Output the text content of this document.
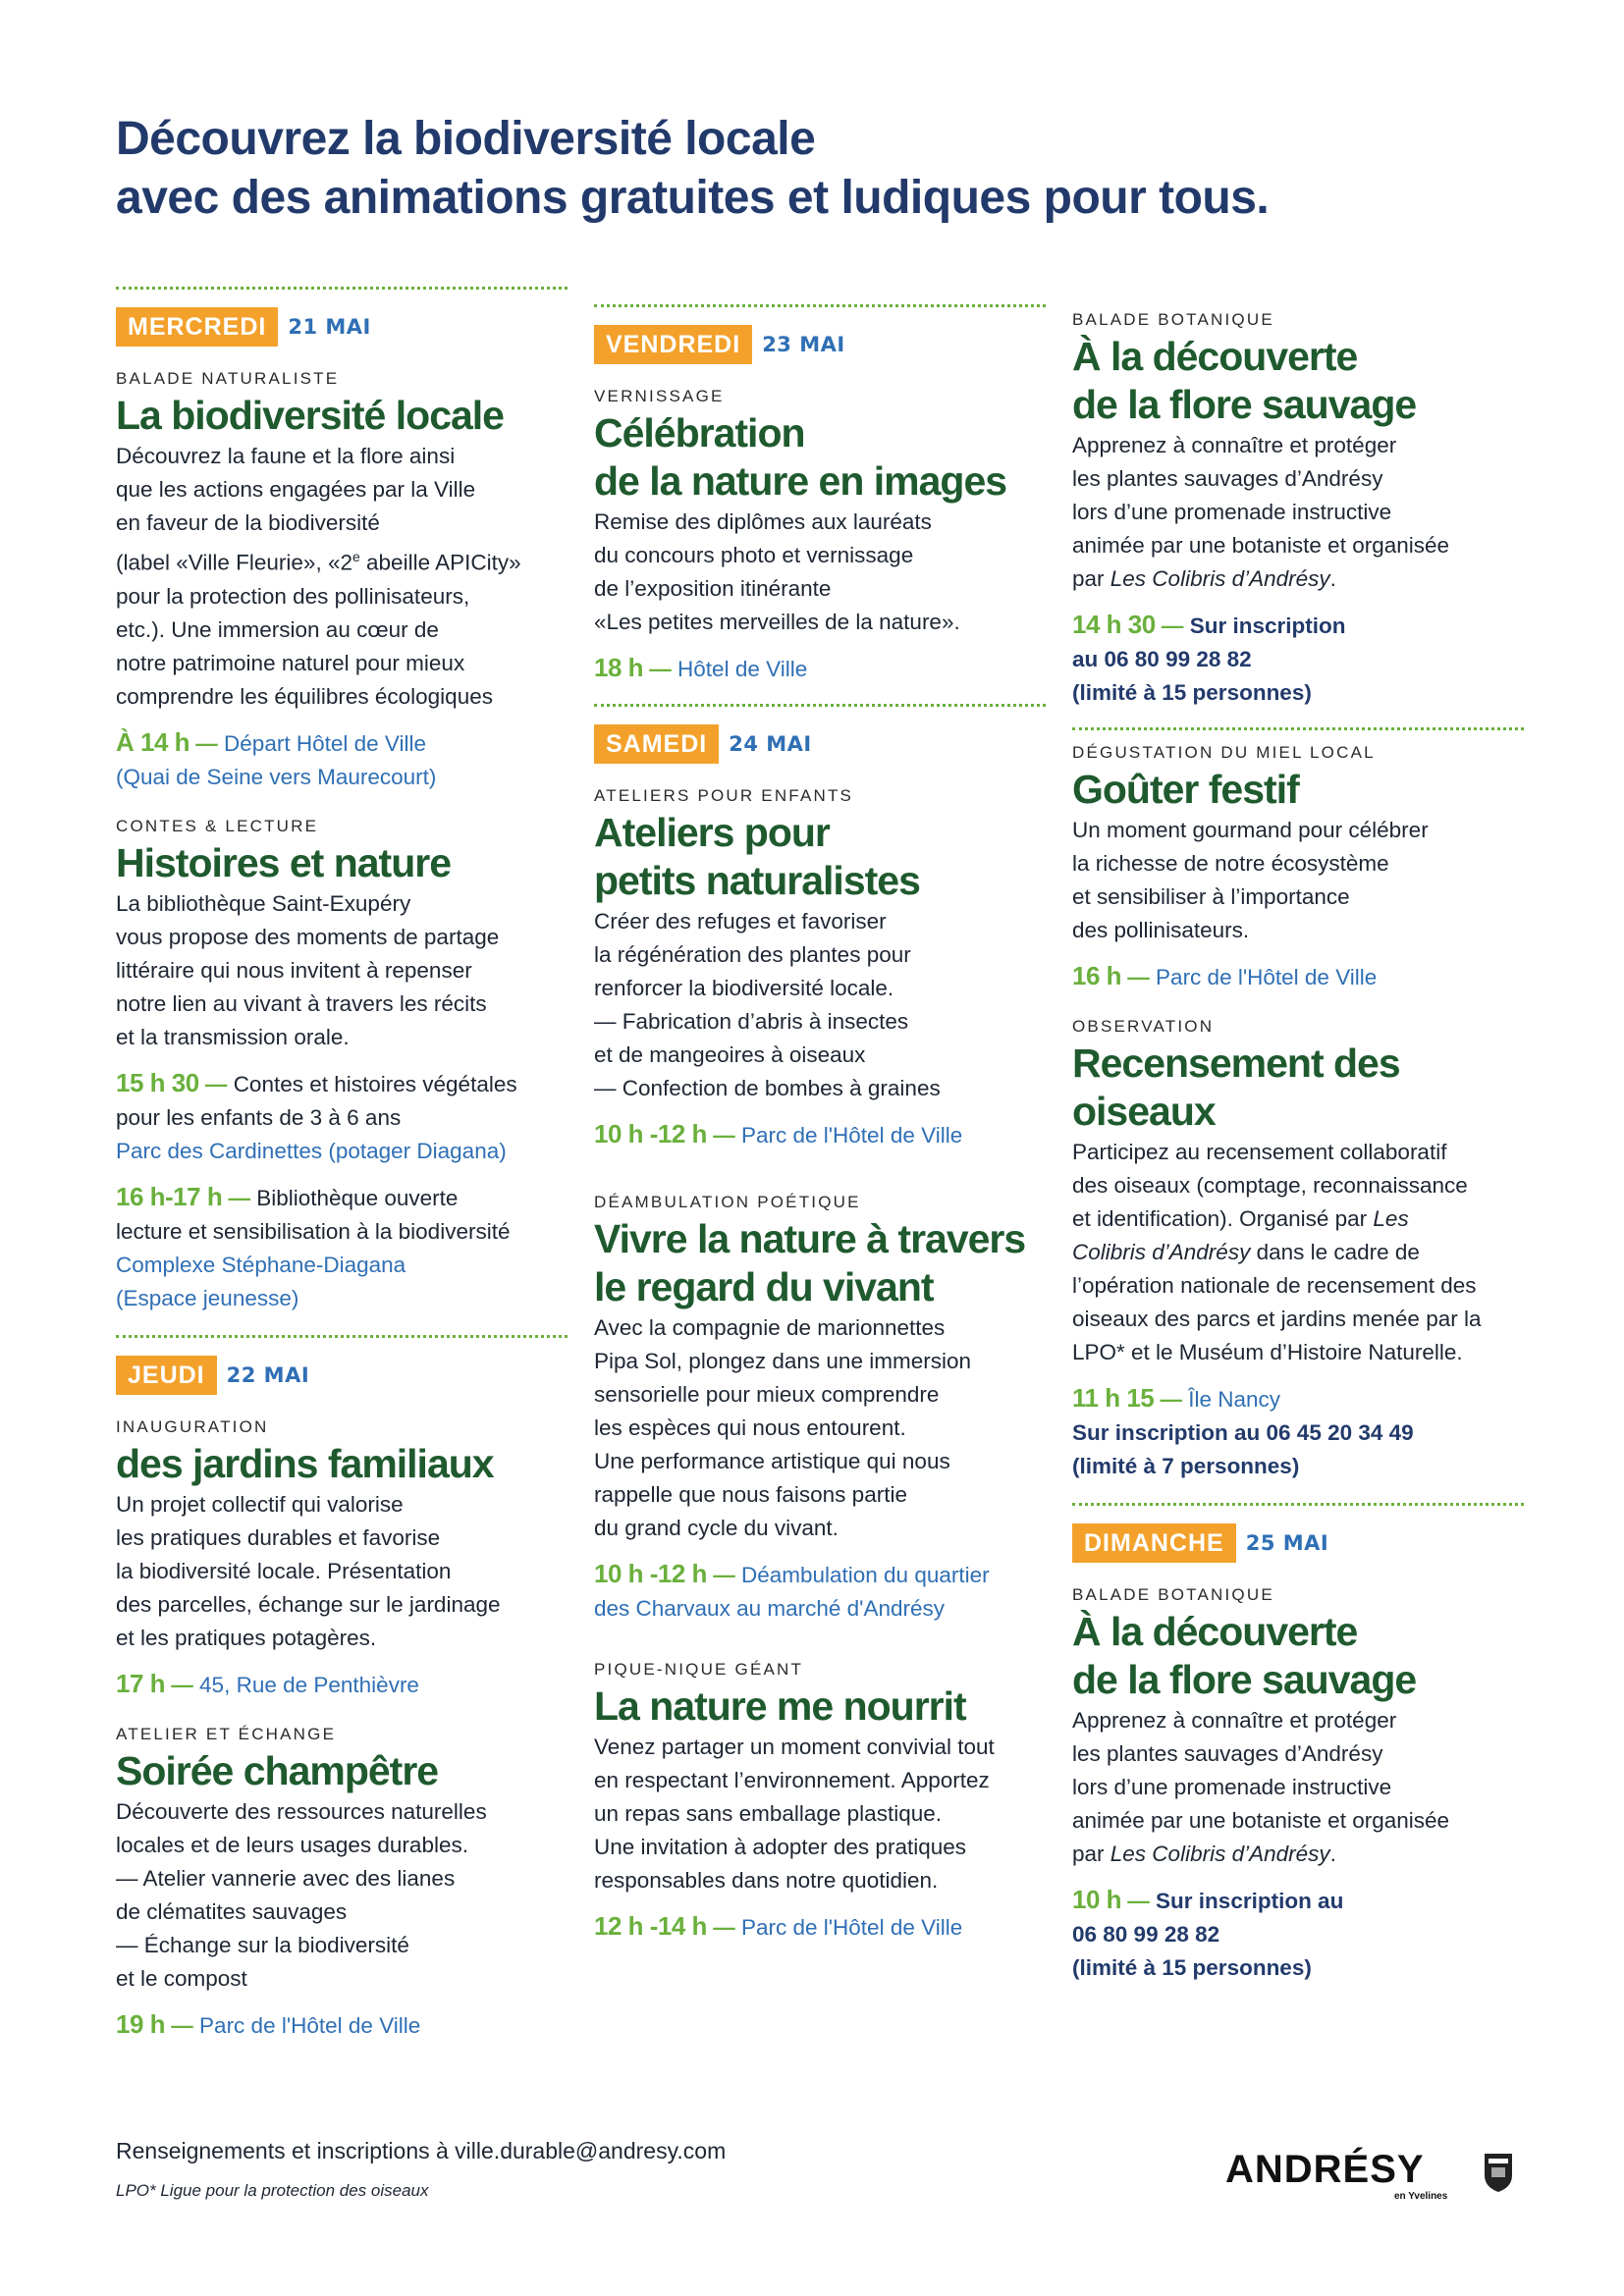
Découvrez la biodiversité locale
avec des animations gratuites et ludiques pour tous.
MERCREDI	21 MAI
BALADE NATURALISTE
La biodiversité locale
Découvrez la faune et la flore ainsi
que les actions engagées par la Ville
en faveur de la biodiversité
(label «Ville Fleurie», «2e abeille APICity»
pour la protection des pollinisateurs,
etc.). Une immersion au cœur de
notre patrimoine naturel pour mieux
comprendre les équilibres écologiques
À 14 h — Départ Hôtel de Ville
(Quai de Seine vers Maurecourt)
CONTES & LECTURE
Histoires et nature
La bibliothèque Saint-Exupéry
vous propose des moments de partage
littéraire qui nous invitent à repenser
notre lien au vivant à travers les récits
et la transmission orale.
15 h 30 — Contes et histoires végétales
pour les enfants de 3 à 6 ans
Parc des Cardinettes (potager Diagana)
16 h-17 h — Bibliothèque ouverte
lecture et sensibilisation à la biodiversité
Complexe Stéphane-Diagana
(Espace jeunesse)
JEUDI	22 MAI
INAUGURATION
des jardins familiaux
Un projet collectif qui valorise
les pratiques durables et favorise
la biodiversité locale. Présentation
des parcelles, échange sur le jardinage
et les pratiques potagères.
17 h — 45, Rue de Penthièvre
ATELIER ET ÉCHANGE
Soirée champêtre
Découverte des ressources naturelles
locales et de leurs usages durables.
— Atelier vannerie avec des lianes
de clématites sauvages
— Échange sur la biodiversité
et le compost
19 h — Parc de l'Hôtel de Ville
VENDREDI	23 MAI
VERNISSAGE
Célébration
de la nature en images
Remise des diplômes aux lauréats
du concours photo et vernissage
de l’exposition itinérante
«Les petites merveilles de la nature».
18 h — Hôtel de Ville
SAMEDI	24 MAI
ATELIERS POUR ENFANTS
Ateliers pour
petits naturalistes
Créer des refuges et favoriser
la régénération des plantes pour
renforcer la biodiversité locale.
— Fabrication d’abris à insectes
et de mangeoires à oiseaux
— Confection de bombes à graines
10 h -12 h — Parc de l'Hôtel de Ville
DÉAMBULATION POÉTIQUE
Vivre la nature à travers
le regard du vivant
Avec la compagnie de marionnettes
Pipa Sol, plongez dans une immersion
sensorielle pour mieux comprendre
les espèces qui nous entourent.
Une performance artistique qui nous
rappelle que nous faisons partie
du grand cycle du vivant.
10 h -12 h — Déambulation du quartier
des Charvaux au marché d'Andrésy
PIQUE-NIQUE GÉANT
La nature me nourrit
Venez partager un moment convivial tout
en respectant l’environnement. Apportez
un repas sans emballage plastique.
Une invitation à adopter des pratiques
responsables dans notre quotidien.
12 h -14 h — Parc de l'Hôtel de Ville
BALADE BOTANIQUE
À la découverte
de la flore sauvage
Apprenez à connaître et protéger
les plantes sauvages d’Andrésy
lors d’une promenade instructive
animée par une botaniste et organisée
par Les Colibris d’Andrésy.
14 h 30 — Sur inscription
au 06 80 99 28 82
(limité à 15 personnes)
DÉGUSTATION DU MIEL LOCAL
Goûter festif
Un moment gourmand pour célébrer
la richesse de notre écosystème
et sensibiliser à l’importance
des pollinisateurs.
16 h — Parc de l'Hôtel de Ville
OBSERVATION
Recensement des oiseaux
Participez au recensement collaboratif
des oiseaux (comptage, reconnaissance
et identification). Organisé par Les
Colibris d’Andrésy dans le cadre de
l’opération nationale de recensement des
oiseaux des parcs et jardins menée par la
LPO* et le Muséum d’Histoire Naturelle.
11 h 15 — Île Nancy
Sur inscription au 06 45 20 34 49
(limité à 7 personnes)
DIMANCHE	25 MAI
BALADE BOTANIQUE
À la découverte
de la flore sauvage
Apprenez à connaître et protéger
les plantes sauvages d’Andrésy
lors d’une promenade instructive
animée par une botaniste et organisée
par Les Colibris d’Andrésy.
10 h — Sur inscription au
06 80 99 28 82
(limité à 15 personnes)
Renseignements et inscriptions à ville.durable@andresy.com
LPO* Ligue pour la protection des oiseaux	ANDRÉSY
en Yvelines
